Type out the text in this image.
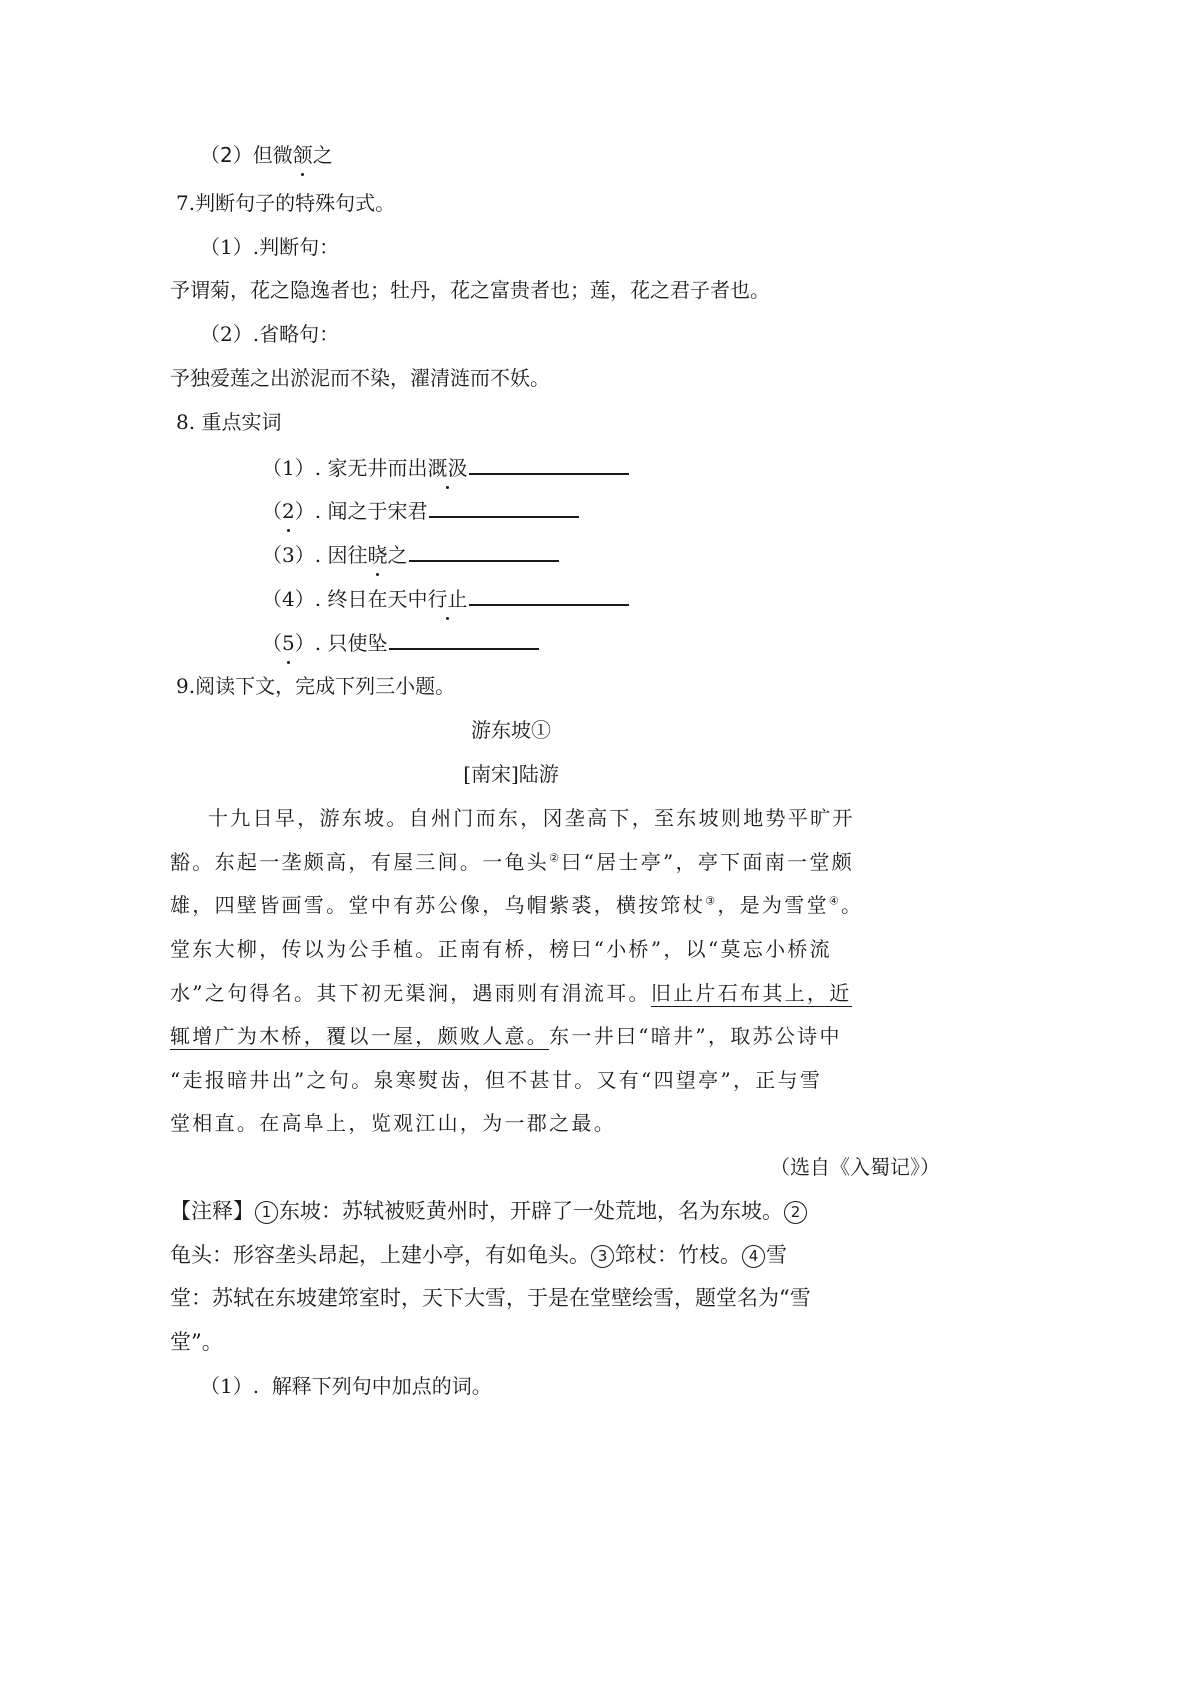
（2）但微颔之
7.判断句子的特殊句式。
（1）.判断句：
予谓菊，花之隐逸者也；牡丹，花之富贵者也；莲，花之君子者也。
（2）.省略句：
予独爱莲之出淤泥而不染，濯清涟而不妖。
8. 重点实词
（1）. 家无井而出溉汲
（2）. 闻之于宋君
（3）. 因往晓之
（4）. 终日在天中行止
（5）. 只使坠
9.阅读下文，完成下列三小题。
游东坡①
[南宋]陆游
十九日早，游东坡。自州门而东，冈垄高下，至东坡则地势平旷开
豁。东起一垄颇高，有屋三间。一龟头②曰“居士亭”，亭下面南一堂颇
雄，四壁皆画雪。堂中有苏公像，乌帽紫裘，横按筇杖③，是为雪堂④。
堂东大柳，传以为公手植。正南有桥，榜曰“小桥”，以“莫忘小桥流
水”之句得名。其下初无渠涧，遇雨则有涓流耳。旧止片石布其上，近
辄增广为木桥，覆以一屋，颇败人意。东一井曰“暗井”，取苏公诗中
“走报暗井出”之句。泉寒熨齿，但不甚甘。又有“四望亭”，正与雪
堂相直。在高阜上，览观江山，为一郡之最。
（选自《入蜀记》）
【注释】 1 东坡：苏轼被贬黄州时，开辟了一处荒地，名为东坡。 2
龟头：形容垄头昂起，上建小亭，有如龟头。 3 筇杖：竹枝。 4 雪
堂：苏轼在东坡建筇室时，天下大雪，于是在堂壁绘雪，题堂名为“雪
堂”。
（1）. 解释下列句中加点的词。
